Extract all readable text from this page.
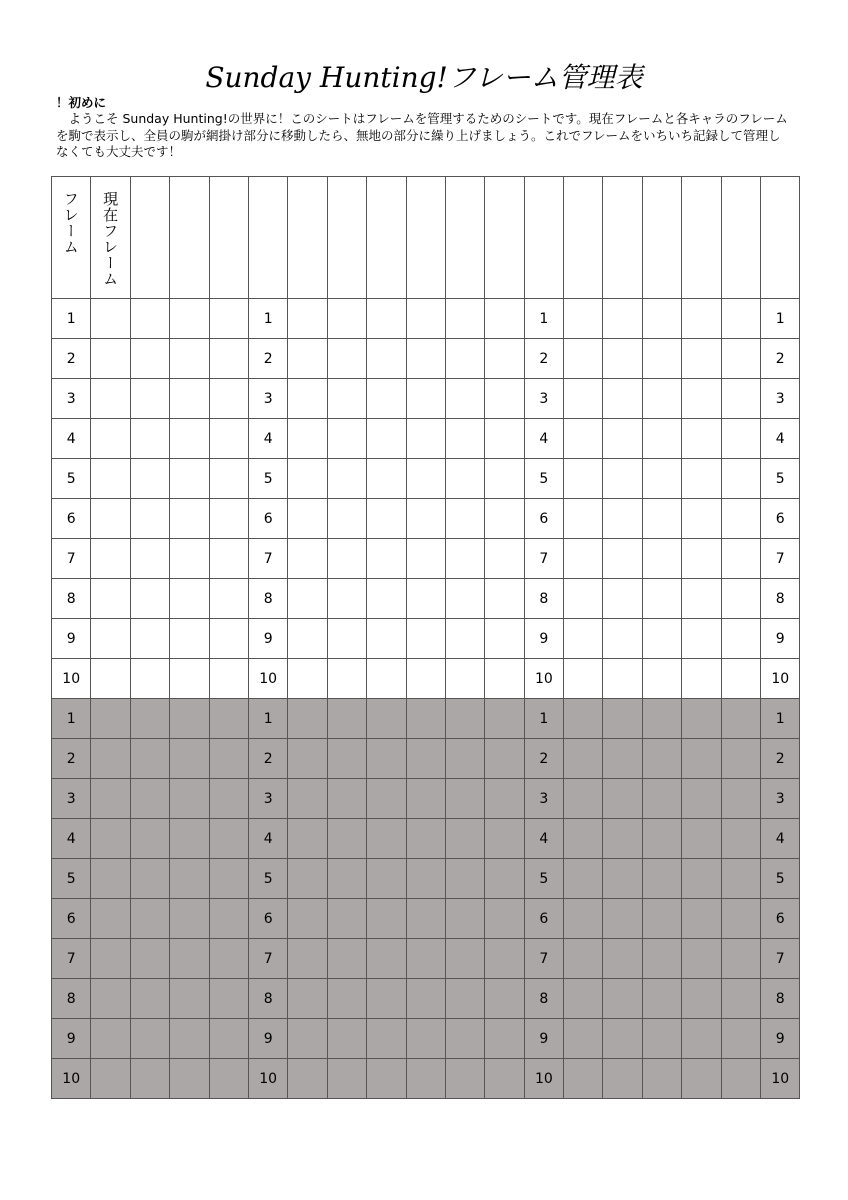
Sunday Hunting!フレーム管理表
！初めに
ようこそ Sunday Hunting!の世界に！このシートはフレームを管理するためのシートです。現在フレームと各キャラのフレームを駒で表示し、全員の駒が網掛け部分に移動したら、無地の部分に繰り上げましょう。これでフレームをいちいち記録して管理しなくても大丈夫です！
フレーム	現在フレーム																	
1					1							1						1
2					2							2						2
3					3							3						3
4					4							4						4
5					5							5						5
6					6							6						6
7					7							7						7
8					8							8						8
9					9							9						9
10					10							10						10
1					1							1						1
2					2							2						2
3					3							3						3
4					4							4						4
5					5							5						5
6					6							6						6
7					7							7						7
8					8							8						8
9					9							9						9
10					10							10						10
